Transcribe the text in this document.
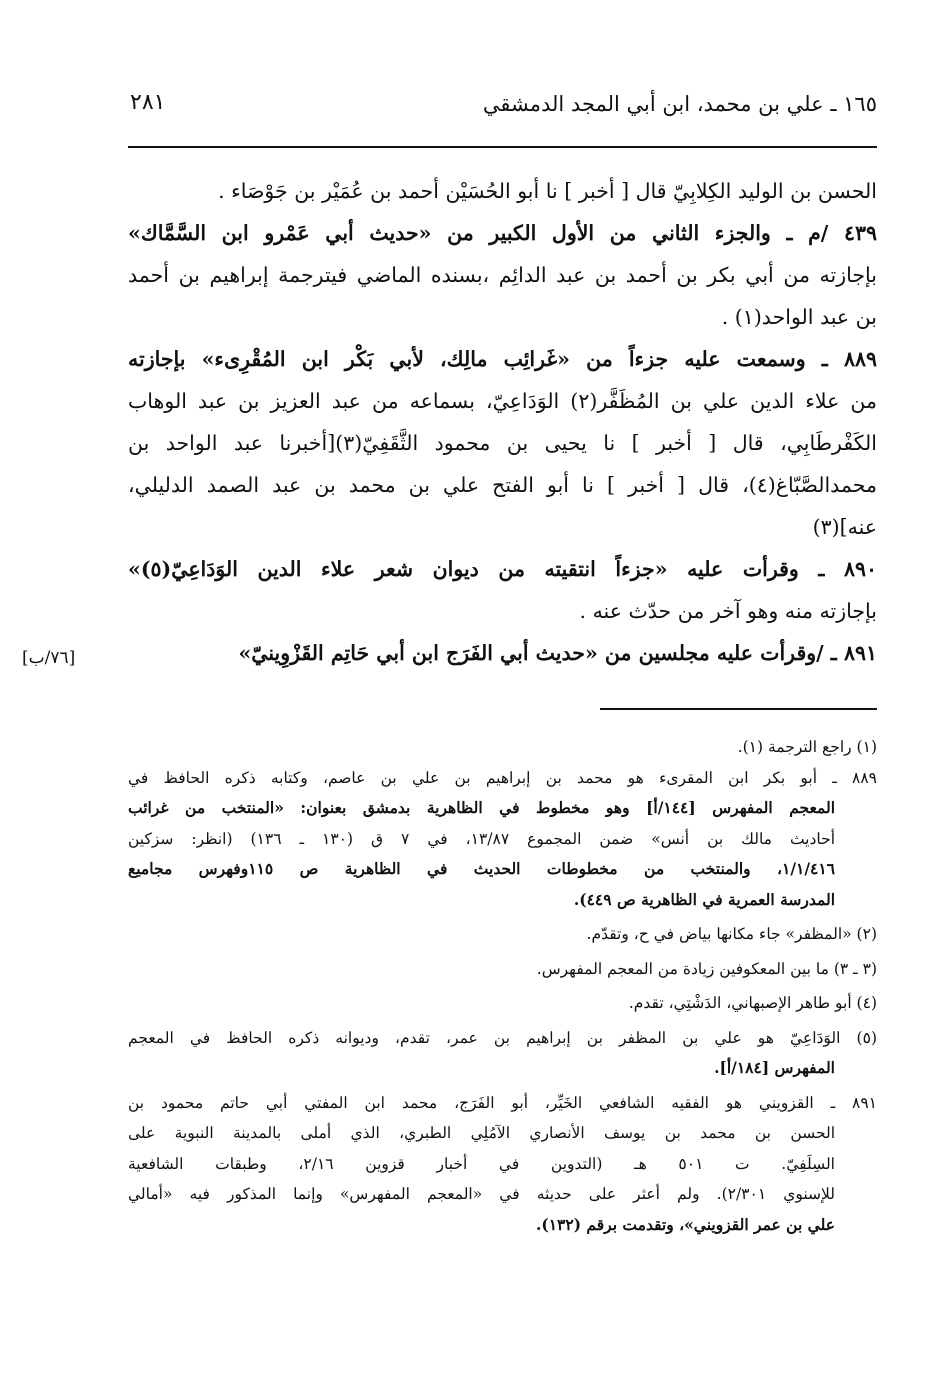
١٦٥ ـ علي بن محمد، ابن أبي المجد الدمشقي
٢٨١
الحسن بن الوليد الكِلابِيّ قال [ أخبر ] نا أبو الحُسَيْن أحمد بن عُمَيْر بن جَوْصَاء .
٤٣٩ /م ـ والجزء الثاني من الأول الكبير من «حديث أبي عَمْرو ابن السَّمَّاك»
بإجازته من أبي بكر بن أحمد بن عبد الدائِم ،بسنده الماضي فيترجمة إبراهيم بن أحمد
بن عبد الواحد(١) .
٨٨٩ ـ وسمعت عليه جزءاً من «غَرائِب مالِك، لأبي بَكْر ابن المُقْرِىء» بإجازته
من علاء الدين علي بن المُظَفَّر(٢) الوَدَاعِيّ، بسماعه من عبد العزيز بن عبد الوهاب
الكَفْرطَابِي، قال [ أخبر ] نا يحيى بن محمود الثَّقَفِيّ(٣)[أخبرنا عبد الواحد بن
محمدالصَّبّاغ(٤)، قال [ أخبر ] نا أبو الفتح علي بن محمد بن عبد الصمد الدليلي،
عنه](٣)
٨٩٠ ـ وقرأت عليه «جزءاً انتقيته من ديوان شعر علاء الدين الوَدَاعِيّ(٥)»
بإجازته منه وهو آخر من حدّث عنه .
٨٩١ ـ /وقرأت عليه مجلسين من «حديث أبي الفَرَج ابن أبي حَاتِم القَزْوِينيّ»
[٧٦/ب]
(١) راجع الترجمة (١).
٨٨٩ ـ أبو بكر ابن المقرىء هو محمد بن إبراهيم بن علي بن عاصم، وكتابه ذكره الحافظ في
المعجم المفهرس [١٤٤/أ] وهو مخطوط في الظاهرية بدمشق بعنوان: «المنتخب من غرائب
أحاديث مالك بن أنس» ضمن المجموع ١٣/٨٧، في ٧ ق (١٣٠ ـ ١٣٦) (انظر: سزكين
١/١/٤١٦، والمنتخب من مخطوطات الحديث في الظاهرية ص ١١٥وفهرس مجاميع
المدرسة العمرية في الظاهرية ص ٤٤٩).
(٢) «المظفر» جاء مكانها بياض في ح، وتقدّم.
(٣ ـ ٣) ما بين المعكوفين زيادة من المعجم المفهرس.
(٤) أبو طاهر الإصبهاني، الدَشْتِي، تقدم.
(٥) الوَدَاعِيّ هو علي بن المظفر بن إبراهيم بن عمر، تقدم، وديوانه ذكره الحافظ في المعجم
المفهرس [١٨٤/أ].
٨٩١ ـ القزويني هو الفقيه الشافعي الخَيِّر، أبو الفَرَج، محمد ابن المفتي أبي حاتم محمود بن
الحسن بن محمد بن يوسف الأنصاري الآمُلِي الطبري، الذي أملى بالمدينة النبوية على
السِلَفِيّ. ت ٥٠١ هـ (التدوين في أخبار قزوين ٢/١٦، وطبقات الشافعية
للإسنوي ٢/٣٠١). ولم أعثر على حديثه في «المعجم المفهرس» وإنما المذكور فيه «أمالي
علي بن عمر القزويني»، وتقدمت برقم (١٣٢).
